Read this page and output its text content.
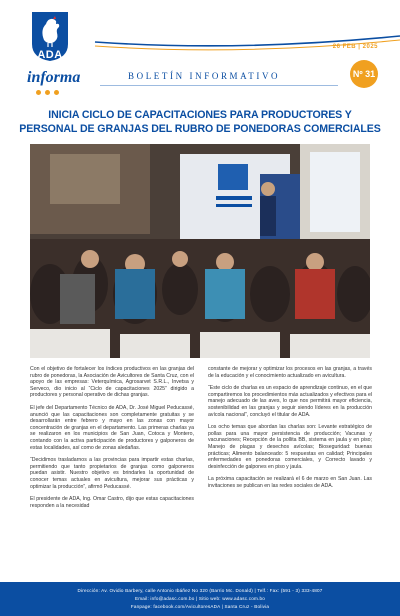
ADA
informa
26 FEB | 2025
BOLETÍN INFORMATIVO	Nº 31
INICIA CICLO DE CAPACITACIONES PARA PRODUCTORES Y
PERSONAL DE GRANJAS DEL RUBRO DE PONEDORAS COMERCIALES

Con el objetivo de fortalecer los índices productivos en las granjas del rubro de ponedoras, la Asociación de Avicultores de Santa Cruz, con el apoyo de las empresas: Veterquímica, Agrosarvet S.R.L., Invetsa y Serveco, dio inicio al “Ciclo de capacitaciones 2025” dirigido a productores y personal operativo de dichas granjas.

El jefe del Departamento Técnico de ADA, Dr. José Miguel Peducassé, anunció que las capacitaciones son completamente gratuitas y se desarrollarán entre febrero y mayo en las zonas con mayor concentración de granjas en el departamento. Las primeras charlas ya se realizaron en los municipios de San Juan, Cotoca y Montero, contando con la activa participación de productores y galponeros de estas localidades, así como de zonas aledañas.

“Decidimos trasladarnos a las provincias para impartir estas charlas, permitiendo que tanto propietarios de granjas como galponeros puedan asistir. Nuestro objetivo es brindarles la oportunidad de conocer temas actuales en avicultura, mejorar sus prácticas y optimizar la producción”, afirmó Peducassé.

El presidente de ADA, Ing. Omar Castro, dijo que estas capacitaciones responden a la necesidad

constante de mejorar y optimizar los procesos en las granjas, a través de la educación y el conocimiento actualizado en avicultura.

“Este ciclo de charlas es un espacio de aprendizaje continuo, en el que compartiremos los procedimientos más actualizados y efectivos para el manejo adecuado de las aves, lo que nos permitirá mayor eficiencia, sostenibilidad en las granjas y seguir siendo líderes en la producción avícola nacional”, concluyó el titular de ADA.

Los ocho temas que abordan las charlas son: Levante estratégico de pollas para una mayor persistencia de producción; Vacunas y vacunaciones; Recepción de la pollita BB, sistema en jaula y en piso; Manejo de plagas y desechos avícolas; Bioseguridad: buenas prácticas; Alimento balanceado: 5 respuestas en calidad; Principales enfermedades en ponedoras comerciales, y Correcto lavado y desinfección de galpones en piso y jaula.

La próxima capacitación se realizará el 6 de marzo en San Juan. Las invitaciones se publican en las redes sociales de ADA.

Dirección: Av. Ovidio Barbery, calle Antonio Ibáñez No 320 (Barrio Mc. Donald) | Telf.: Fax: (591 - 3) 333-4807
Email: info@adasc.com.bo | Sitio web: www.adasc.com.bo
Fanpage: facebook.com/AvicultoresADA | Santa Cruz - Bolivia
